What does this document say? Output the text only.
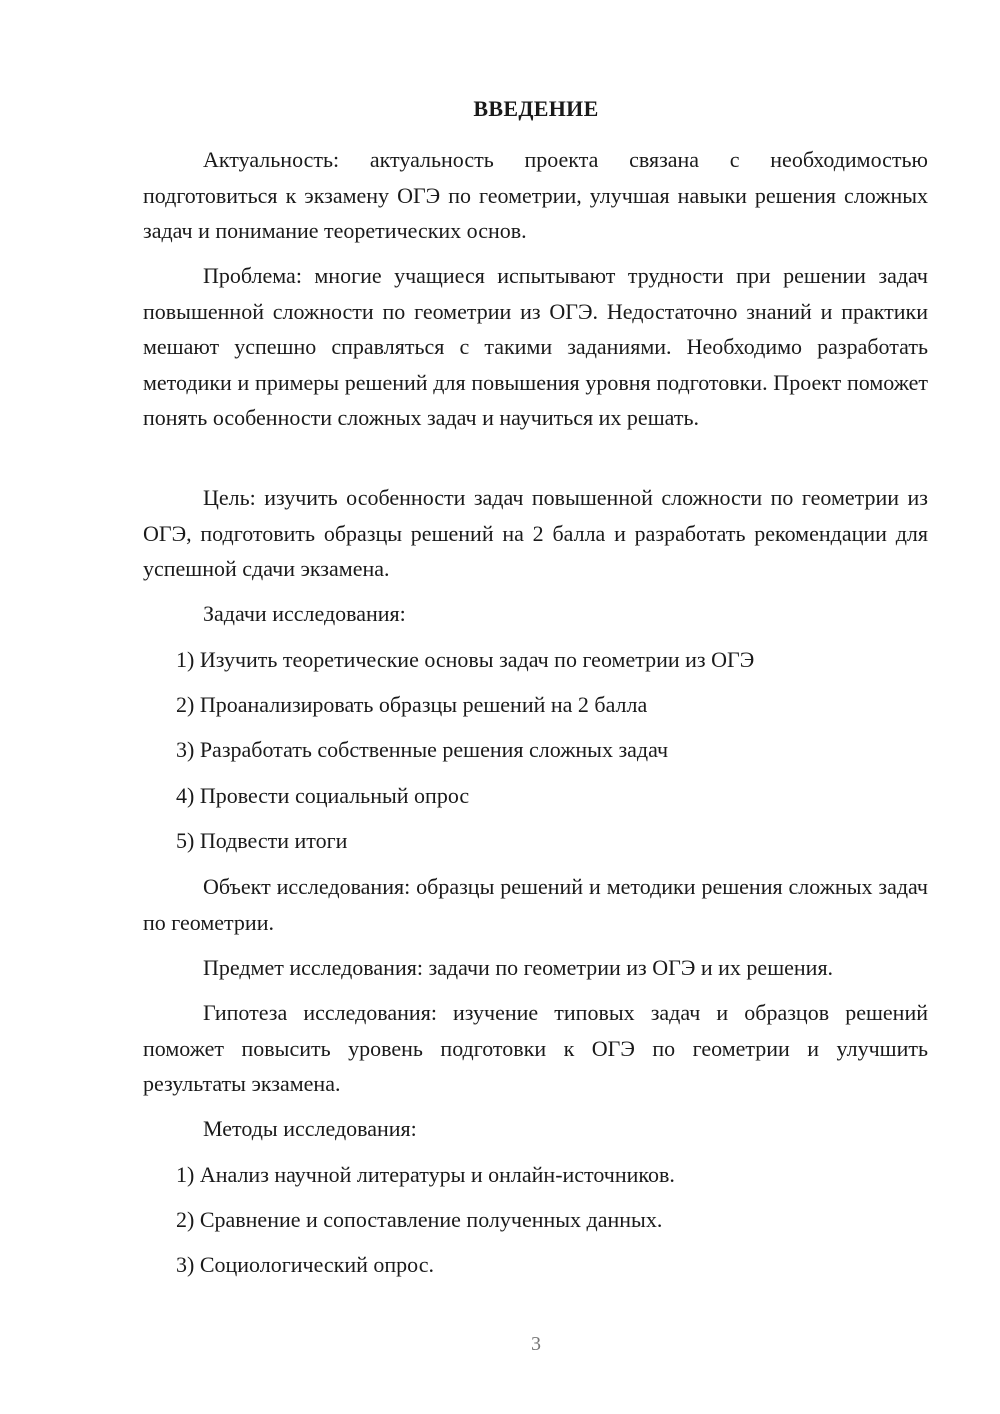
ВВЕДЕНИЕ
Актуальность: актуальность проекта связана с необходимостью подготовиться к экзамену ОГЭ по геометрии, улучшая навыки решения сложных задач и понимание теоретических основ.
Проблема: многие учащиеся испытывают трудности при решении задач повышенной сложности по геометрии из ОГЭ. Недостаточно знаний и практики мешают успешно справляться с такими заданиями. Необходимо разработать методики и примеры решений для повышения уровня подготовки. Проект поможет понять особенности сложных задач и научиться их решать.
Цель: изучить особенности задач повышенной сложности по геометрии из ОГЭ, подготовить образцы решений на 2 балла и разработать рекомендации для успешной сдачи экзамена.
Задачи исследования:
1) Изучить теоретические основы задач по геометрии из ОГЭ
2) Проанализировать образцы решений на 2 балла
3) Разработать собственные решения сложных задач
4) Провести социальный опрос
5) Подвести итоги
Объект исследования: образцы решений и методики решения сложных задач по геометрии.
Предмет исследования: задачи по геометрии из ОГЭ и их решения.
Гипотеза исследования: изучение типовых задач и образцов решений поможет повысить уровень подготовки к ОГЭ по геометрии и улучшить результаты экзамена.
Методы исследования:
1) Анализ научной литературы и онлайн-источников.
2) Сравнение и сопоставление полученных данных.
3) Социологический опрос.
3
